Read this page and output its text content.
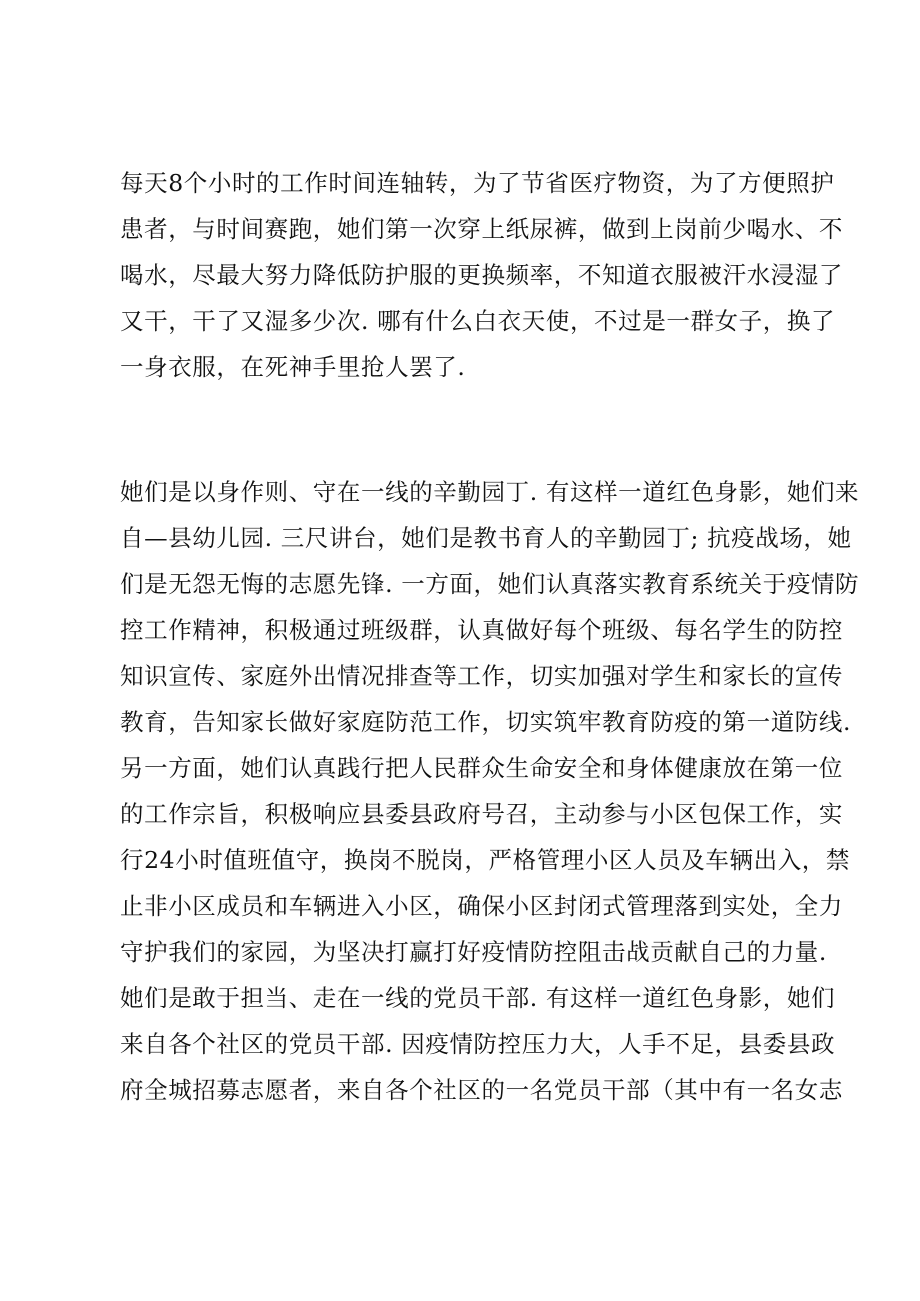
每天8个小时的工作时间连轴转，为了节省医疗物资，为了方便照护
患者，与时间赛跑，她们第一次穿上纸尿裤，做到上岗前少喝水、不
喝水，尽最大努力降低防护服的更换频率，不知道衣服被汗水浸湿了
又干，干了又湿多少次. 哪有什么白衣天使，不过是一群女子，换了
一身衣服，在死神手里抢人罢了.
她们是以身作则、守在一线的辛勤园丁. 有这样一道红色身影，她们来
自—县幼儿园. 三尺讲台，她们是教书育人的辛勤园丁; 抗疫战场，她
们是无怨无悔的志愿先锋. 一方面，她们认真落实教育系统关于疫情防
控工作精神，积极通过班级群，认真做好每个班级、每名学生的防控
知识宣传、家庭外出情况排查等工作，切实加强对学生和家长的宣传
教育，告知家长做好家庭防范工作，切实筑牢教育防疫的第一道防线.
另一方面，她们认真践行把人民群众生命安全和身体健康放在第一位
的工作宗旨，积极响应县委县政府号召，主动参与小区包保工作，实
行24小时值班值守，换岗不脱岗，严格管理小区人员及车辆出入，禁
止非小区成员和车辆进入小区，确保小区封闭式管理落到实处，全力
守护我们的家园，为坚决打赢打好疫情防控阻击战贡献自己的力量.
她们是敢于担当、走在一线的党员干部. 有这样一道红色身影，她们
来自各个社区的党员干部. 因疫情防控压力大，人手不足，县委县政
府全城招募志愿者，来自各个社区的一名党员干部（其中有一名女志
